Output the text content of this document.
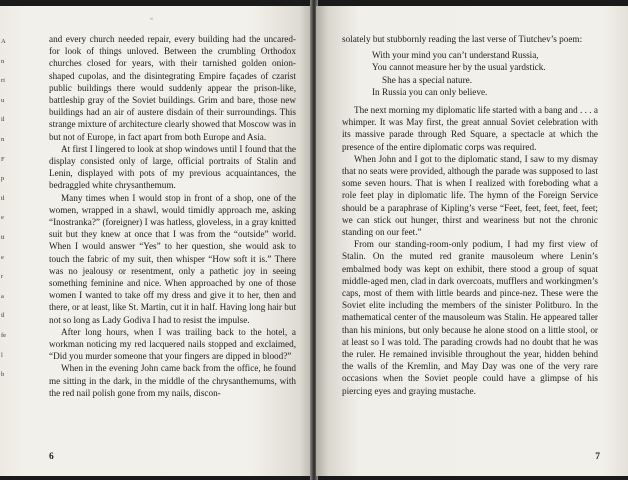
«
A
n
ri
u
il
n
F
p
tl
e
ti
e
r
a
il
fe
l
b

and every church needed repair, every building had the uncared-for look of things unloved. Between the crumbling Orthodox churches closed for years, with their tarnished golden onion-shaped cupolas, and the disintegrating Empire façades of czarist public buildings there would suddenly appear the prison-like, battleship gray of the Soviet buildings. Grim and bare, those new buildings had an air of austere disdain of their surroundings. This strange mixture of architecture clearly showed that Moscow was in but not of Europe, in fact apart from both Europe and Asia.

At first I lingered to look at shop windows until I found that the display consisted only of large, official portraits of Stalin and Lenin, displayed with pots of my previous acquaintances, the bedraggled white chrysanthemum.

Many times when I would stop in front of a shop, one of the women, wrapped in a shawl, would timidly approach me, asking “Inostranka?” (foreigner) I was hatless, gloveless, in a gray knitted suit but they knew at once that I was from the “outside” world. When I would answer “Yes” to her question, she would ask to touch the fabric of my suit, then whisper “How soft it is.” There was no jealousy or resentment, only a pathetic joy in seeing something feminine and nice. When approached by one of those women I wanted to take off my dress and give it to her, then and there, or at least, like St. Martin, cut it in half. Having long hair but not so long as Lady Godiva I had to resist the impulse.

After long hours, when I was trailing back to the hotel, a workman noticing my red lacquered nails stopped and exclaimed, “Did you murder someone that your fingers are dipped in blood?”

When in the evening John came back from the office, he found me sitting in the dark, in the middle of the chrysanthemums, with the red nail polish gone from my nails, discon-

6

solately but stubbornly reading the last verse of Tiutchev’s poem:

With your mind you can’t understand Russia,
You cannot measure her by the usual yardstick.
She has a special nature.
In Russia you can only believe.

The next morning my diplomatic life started with a bang and . . . a whimper. It was May first, the great annual Soviet celebration with its massive parade through Red Square, a spectacle at which the presence of the entire diplomatic corps was required.

When John and I got to the diplomatic stand, I saw to my dismay that no seats were provided, although the parade was supposed to last some seven hours. That is when I realized with foreboding what a role feet play in diplomatic life. The hymn of the Foreign Service should be a paraphrase of Kipling’s verse “Feet, feet, feet, feet, feet; we can stick out hunger, thirst and weariness but not the chronic standing on our feet.”

From our standing-room-only podium, I had my first view of Stalin. On the muted red granite mausoleum where Lenin’s embalmed body was kept on exhibit, there stood a group of squat middle-aged men, clad in dark overcoats, mufflers and workingmen’s caps, most of them with little beards and pince-nez. These were the Soviet elite including the members of the sinister Politburo. In the mathematical center of the mausoleum was Stalin. He appeared taller than his minions, but only because he alone stood on a little stool, or at least so I was told. The parading crowds had no doubt that he was the ruler. He remained invisible throughout the year, hidden behind the walls of the Kremlin, and May Day was one of the very rare occasions when the Soviet people could have a glimpse of his piercing eyes and graying mustache.

7
